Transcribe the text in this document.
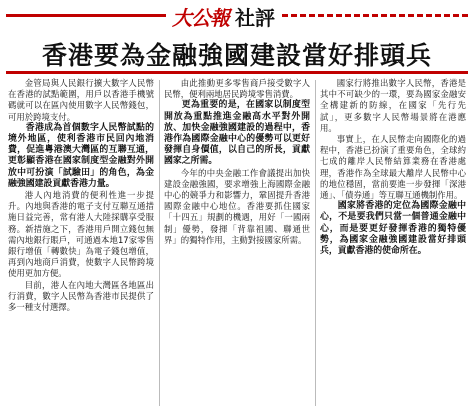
大公報 社評
香港要為金融強國建設當好排頭兵

金管局與人民銀行擴大數字人民幣在香港的試點範圍，用戶以香港手機號碼就可以在區內使用數字人民幣錢包，可用於跨境支付。

香港成為首個數字人民幣試點的境外地區，使利香港市民回內地消費，促進粵港澳大灣區的互聯互通，更彰顯香港在國家制度型金融對外開放中可扮演「試驗田」的角色，為金融強國建設貢獻香港力量。

港人內地消費的便利性進一步提升。內地與香港的電子支付互聯互通措施日益完善，常有港人大陸採購享受服務。新措施之下，香港用戶開立錢包無需內地銀行賬戶，可通過本地17家零售銀行增值「轉數快」為電子錢包增值，再到內地商戶消費，使數字人民幣跨境使用更加方便。

目前，港人在內地大灣區各地區出行消費，數字人民幣為香港市民提供了多一種支付選擇。

由此推動更多零售商戶接受數字人民幣，便利兩地居民跨境零售消費。

更為重要的是，在國家以制度型開放為重點推進金融高水平對外開放、加快金融強國建設的過程中，香港作為國際金融中心的優勢可以更好發揮自身價值，以自己的所長，貢獻國家之所需。

今年的中央金融工作會議提出加快建設金融強國，要求增強上海國際金融中心的競爭力和影響力，鞏固提升香港國際金融中心地位。香港要抓住國家「十四五」規劃的機遇，用好「一國兩制」優勢，發揮「背靠祖國、聯通世界」的獨特作用，主動對接國家所需。

國家行將推出數字人民幣，香港是其中不可缺少的一環，要為國家金融安全構建新的防線，在國家「先行先試」，更多數字人民幣場景將在港應用。

事實上，在人民幣走向國際化的過程中，香港已扮演了重要角色，全球約七成的離岸人民幣結算業務在香港處理，香港作為全球最大離岸人民幣中心的地位穩固，當前要進一步發揮「深港通」、「債券通」等互聯互通機制作用。

國家將香港的定位為國際金融中心，不是要我們只當一個普通金融中心，而是要更好發揮香港的獨特優勢，為國家金融強國建設當好排頭兵，貢獻香港的使命所在。
